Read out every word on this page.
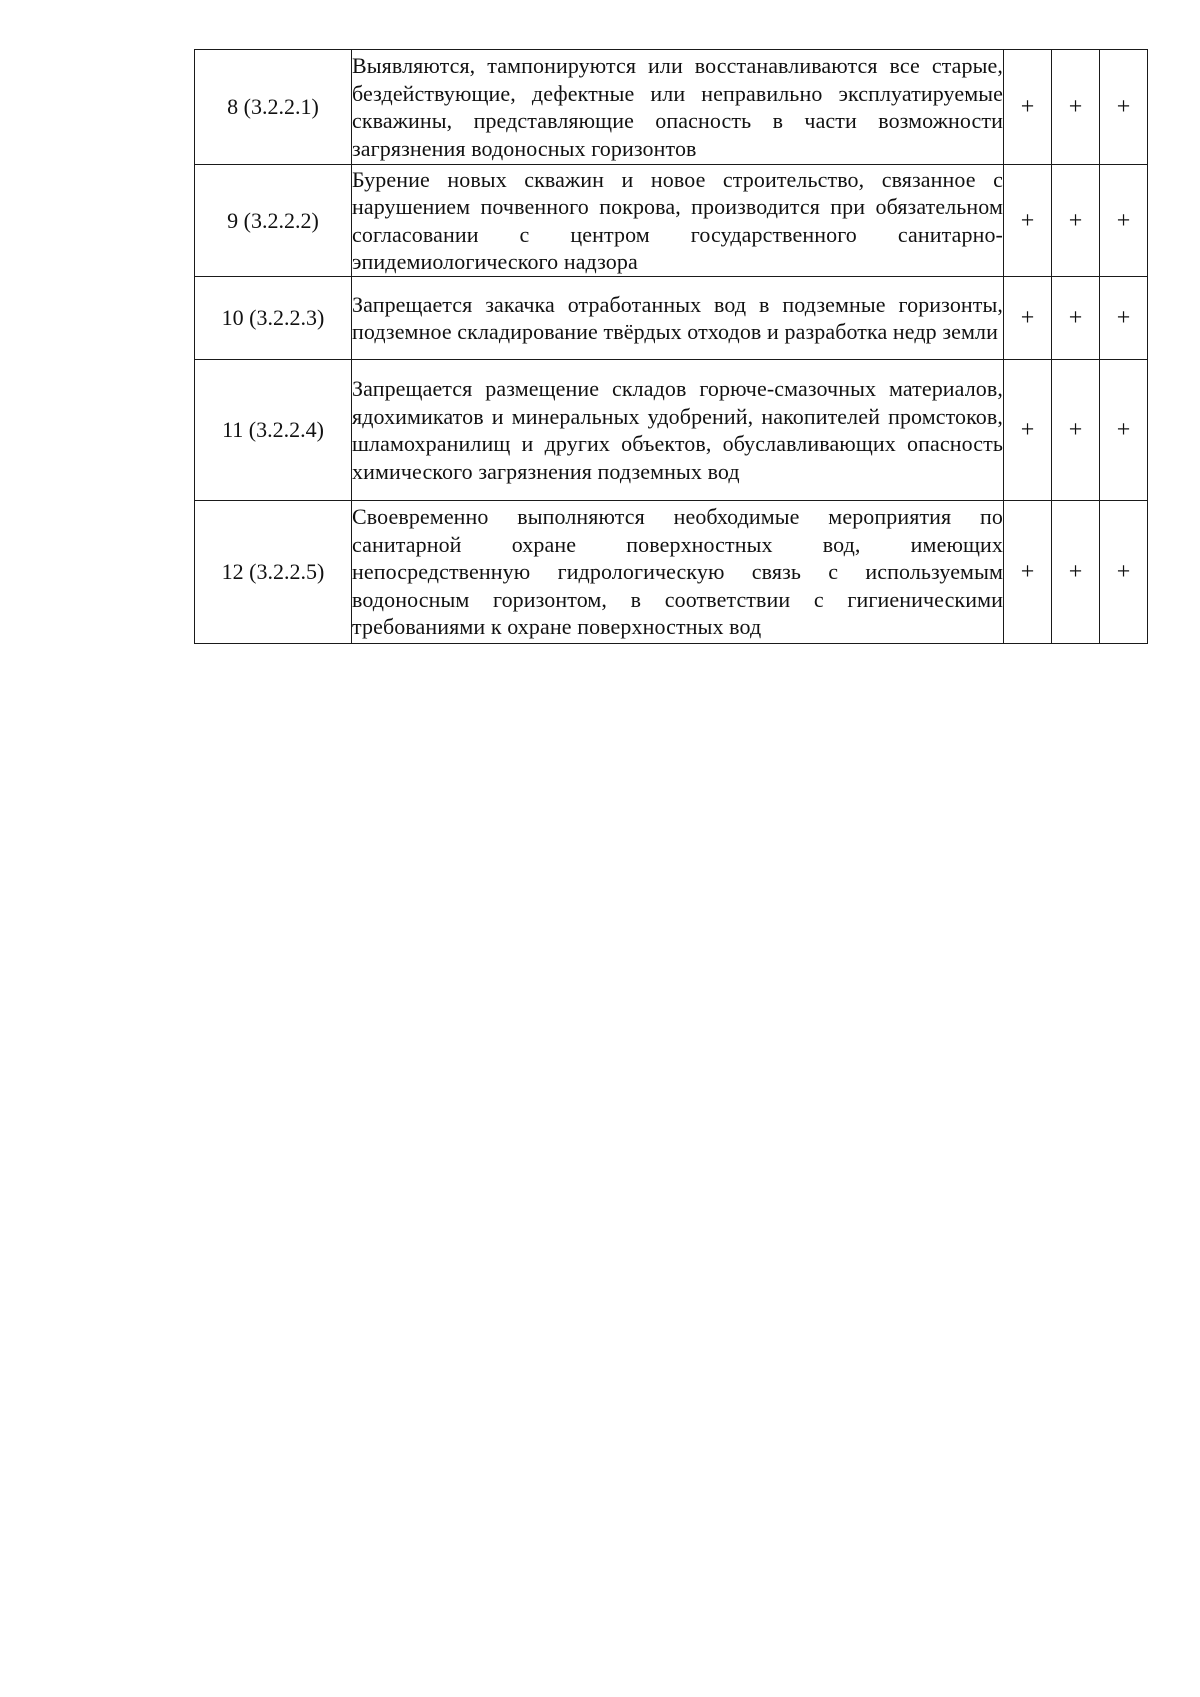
8 (3.2.2.1)	Выявляются, тампонируются или восстанавливаются все старые, бездействующие, дефектные или неправильно эксплуатируемые скважины, представляющие опасность в части возможности загрязнения водоносных горизонтов	+	+	+
9 (3.2.2.2)	Бурение новых скважин и новое строительство, связанное с нарушением почвенного покрова, производится при обязательном согласовании с центром государственного санитарно-эпидемиологического надзора	+	+	+
10 (3.2.2.3)	Запрещается закачка отработанных вод в подземные горизонты, подземное складирование твёрдых отходов и разработка недр земли	+	+	+
11 (3.2.2.4)	Запрещается размещение складов горюче-смазочных материалов, ядохимикатов и минеральных удобрений, накопителей промстоков, шламохранилищ и других объектов, обуславливающих опасность химического загрязнения подземных вод	+	+	+
12 (3.2.2.5)	Своевременно выполняются необходимые мероприятия по санитарной охране поверхностных вод, имеющих непосредственную гидрологическую связь с используемым водоносным горизонтом, в соответствии с гигиеническими требованиями к охране поверхностных вод	+	+	+
